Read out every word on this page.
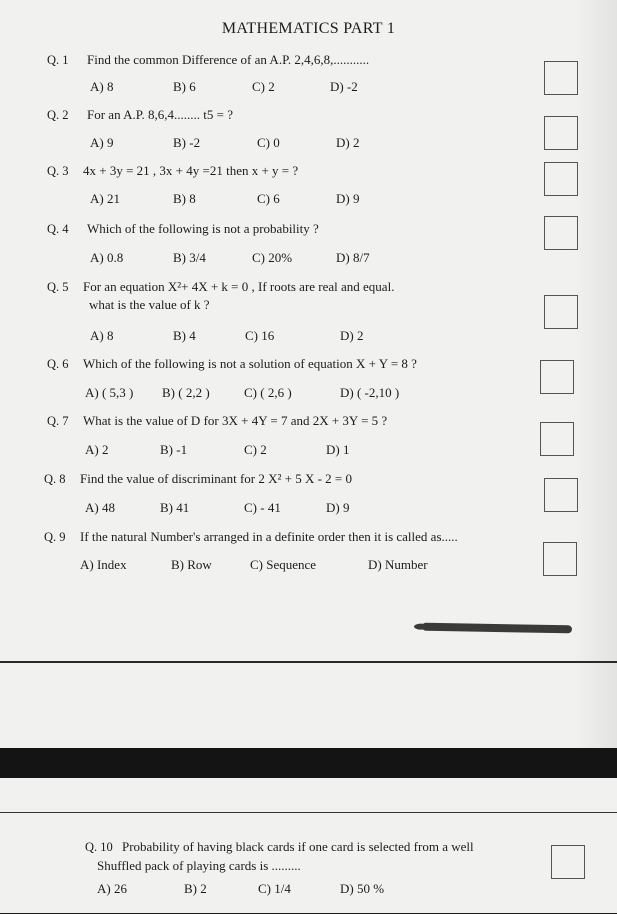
MATHEMATICS PART 1
Q. 1 Find the common Difference of an A.P. 2,4,6,8,...........
A) 8	B) 6	C) 2	D) -2
Q. 2 For an A.P. 8,6,4........ t5 = ?
A) 9	B) -2	C) 0	D) 2
Q. 3 4x + 3y = 21 , 3x + 4y =21 then x + y = ?
A) 21	B) 8	C) 6	D) 9
Q. 4 Which of the following is not a probability ?
A) 0.8	B) 3/4	C) 20%	D) 8/7
Q. 5 For an equation X²+ 4X + k = 0 , If roots are real and equal.
what is the value of k ?
A) 8	B) 4	C) 16	D) 2
Q. 6 Which of the following is not a solution of equation X + Y = 8 ?
A) ( 5,3 ) B) ( 2,2 )	C) ( 2,6 )	D) ( -2,10 )
Q. 7 What is the value of D for 3X + 4Y = 7 and 2X + 3Y = 5 ?
A) 2	B) -1	C) 2	D) 1
Q. 8 Find the value of discriminant for 2 X² + 5 X - 2 = 0
A) 48	B) 41	C) - 41	D) 9
Q. 9 If the natural Number's arranged in a definite order then it is called as.....
A) Index	B) Row	C) Sequence	D) Number
Q. 10 Probability of having black cards if one card is selected from a well
Shuffled pack of playing cards is .........
A) 26	B) 2	C) 1/4	D) 50 %
